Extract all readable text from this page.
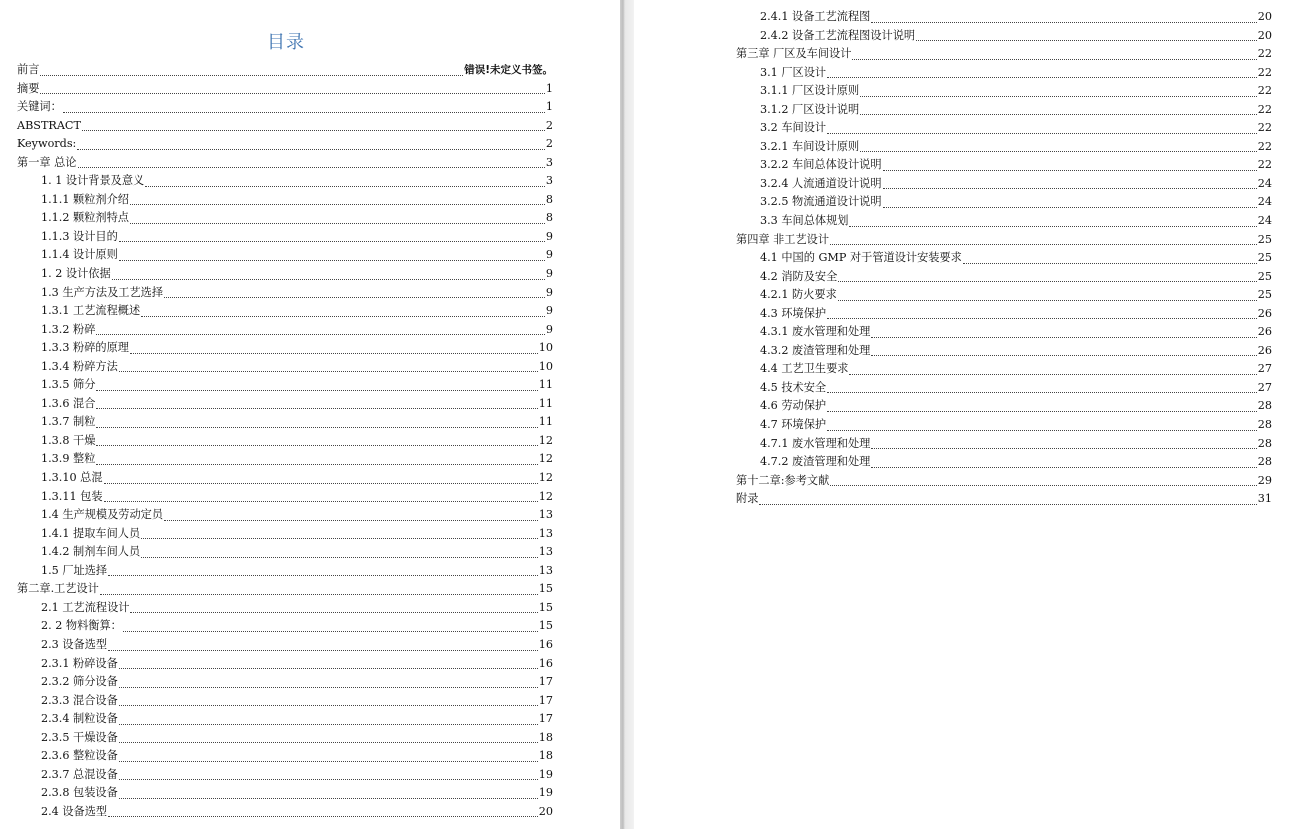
目录
前言	错误!未定义书签。
摘要	1
关键词：	1
ABSTRACT	2
Keywords:	2
第一章 总论	3
1. 1 设计背景及意义	3
1.1.1 颗粒剂介绍	8
1.1.2 颗粒剂特点	8
1.1.3 设计目的	9
1.1.4 设计原则	9
1. 2 设计依据	9
1.3 生产方法及工艺选择	9
1.3.1 工艺流程概述	9
1.3.2 粉碎	9
1.3.3 粉碎的原理	10
1.3.4 粉碎方法	10
1.3.5 筛分	11
1.3.6 混合	11
1.3.7 制粒	11
1.3.8 干燥	12
1.3.9 整粒	12
1.3.10 总混	12
1.3.11 包装	12
1.4 生产规模及劳动定员	13
1.4.1 提取车间人员	13
1.4.2 制剂车间人员	13
1.5 厂址选择	13
第二章.工艺设计	15
2.1 工艺流程设计	15
2. 2 物料衡算：	15
2.3 设备选型	16
2.3.1 粉碎设备	16
2.3.2 筛分设备	17
2.3.3 混合设备	17
2.3.4 制粒设备	17
2.3.5 干燥设备	18
2.3.6 整粒设备	18
2.3.7 总混设备	19
2.3.8 包装设备	19
2.4 设备选型	20
2.4.1 设备工艺流程图	20
2.4.2 设备工艺流程图设计说明	20
第三章 厂区及车间设计	22
3.1 厂区设计	22
3.1.1 厂区设计原则	22
3.1.2 厂区设计说明	22
3.2 车间设计	22
3.2.1 车间设计原则	22
3.2.2 车间总体设计说明	22
3.2.4 人流通道设计说明	24
3.2.5 物流通道设计说明	24
3.3 车间总体规划	24
第四章 非工艺设计	25
4.1 中国的 GMP 对于管道设计安装要求	25
4.2 消防及安全	25
4.2.1 防火要求	25
4.3 环境保护	26
4.3.1 废水管理和处理	26
4.3.2 废渣管理和处理	26
4.4 工艺卫生要求	27
4.5 技术安全	27
4.6 劳动保护	28
4.7 环境保护	28
4.7.1 废水管理和处理	28
4.7.2 废渣管理和处理	28
第十二章:参考文献	29
附录	31
